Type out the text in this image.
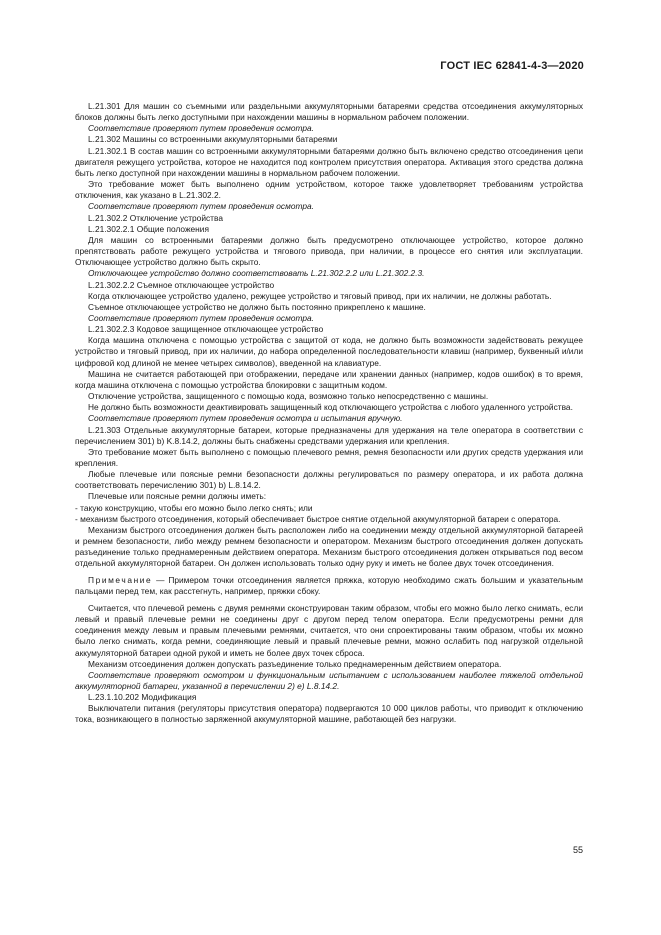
ГОСТ IEC 62841-4-3—2020

L.21.301 Для машин со съемными или раздельными аккумуляторными батареями средства отсоединения аккумуляторных блоков должны быть легко доступными при нахождении машины в нормальном рабочем положении.

Соответствие проверяют путем проведения осмотра.

L.21.302 Машины со встроенными аккумуляторными батареями

L.21.302.1 В состав машин со встроенными аккумуляторными батареями должно быть включено средство отсоединения цепи двигателя режущего устройства, которое не находится под контролем присутствия оператора. Активация этого средства должна быть легко доступной при нахождении машины в нормальном рабочем положении.

Это требование может быть выполнено одним устройством, которое также удовлетворяет требованиям устройства отключения, как указано в L.21.302.2.

Соответствие проверяют путем проведения осмотра.

L.21.302.2 Отключение устройства

L.21.302.2.1 Общие положения

Для машин со встроенными батареями должно быть предусмотрено отключающее устройство, которое должно препятствовать работе режущего устройства и тягового привода, при наличии, в процессе его снятия или эксплуатации. Отключающее устройство должно быть скрыто.

Отключающее устройство должно соответствовать L.21.302.2.2 или L.21.302.2.3.

L.21.302.2.2 Съемное отключающее устройство

Когда отключающее устройство удалено, режущее устройство и тяговый привод, при их наличии, не должны работать.

Съемное отключающее устройство не должно быть постоянно прикреплено к машине.

Соответствие проверяют путем проведения осмотра.

L.21.302.2.3 Кодовое защищенное отключающее устройство

Когда машина отключена с помощью устройства с защитой от кода, не должно быть возможности задействовать режущее устройство и тяговый привод, при их наличии, до набора определенной последовательности клавиш (например, буквенный и/или цифровой код длиной не менее четырех символов), введенной на клавиатуре.

Машина не считается работающей при отображении, передаче или хранении данных (например, кодов ошибок) в то время, когда машина отключена с помощью устройства блокировки с защитным кодом.

Отключение устройства, защищенного с помощью кода, возможно только непосредственно с машины.

Не должно быть возможности деактивировать защищенный код отключающего устройства с любого удаленного устройства.

Соответствие проверяют путем проведения осмотра и испытания вручную.

L.21.303 Отдельные аккумуляторные батареи, которые предназначены для удержания на теле оператора в соответствии с перечислением 301) b) K.8.14.2, должны быть снабжены средствами удержания или крепления.

Это требование может быть выполнено с помощью плечевого ремня, ремня безопасности или других средств удержания или крепления.

Любые плечевые или поясные ремни безопасности должны регулироваться по размеру оператора, и их работа должна соответствовать перечислению 301) b) L.8.14.2.

Плечевые или поясные ремни должны иметь:

- такую конструкцию, чтобы его можно было легко снять; или

- механизм быстрого отсоединения, который обеспечивает быстрое снятие отдельной аккумуляторной батареи с оператора.

Механизм быстрого отсоединения должен быть расположен либо на соединении между отдельной аккумуляторной батареей и ремнем безопасности, либо между ремнем безопасности и оператором. Механизм быстрого отсоединения должен допускать разъединение только преднамеренным действием оператора. Механизм быстрого отсоединения должен открываться под весом отдельной аккумуляторной батареи. Он должен использовать только одну руку и иметь не более двух точек отсоединения.

Примечание — Примером точки отсоединения является пряжка, которую необходимо сжать большим и указательным пальцами перед тем, как расстегнуть, например, пряжки сбоку.

Считается, что плечевой ремень с двумя ремнями сконструирован таким образом, чтобы его можно было легко снимать, если левый и правый плечевые ремни не соединены друг с другом перед телом оператора. Если предусмотрены ремни для соединения между левым и правым плечевыми ремнями, считается, что они спроектированы таким образом, чтобы их можно было легко снимать, когда ремни, соединяющие левый и правый плечевые ремни, можно ослабить под нагрузкой отдельной аккумуляторной батареи одной рукой и иметь не более двух точек сброса.

Механизм отсоединения должен допускать разъединение только преднамеренным действием оператора.

Соответствие проверяют осмотром и функциональным испытанием с использованием наиболее тяжелой отдельной аккумуляторной батареи, указанной в перечислении 2) е) L.8.14.2.

L.23.1.10.202 Модификация

Выключатели питания (регуляторы присутствия оператора) подвергаются 10 000 циклов работы, что приводит к отключению тока, возникающего в полностью заряженной аккумуляторной машине, работающей без нагрузки.

55
